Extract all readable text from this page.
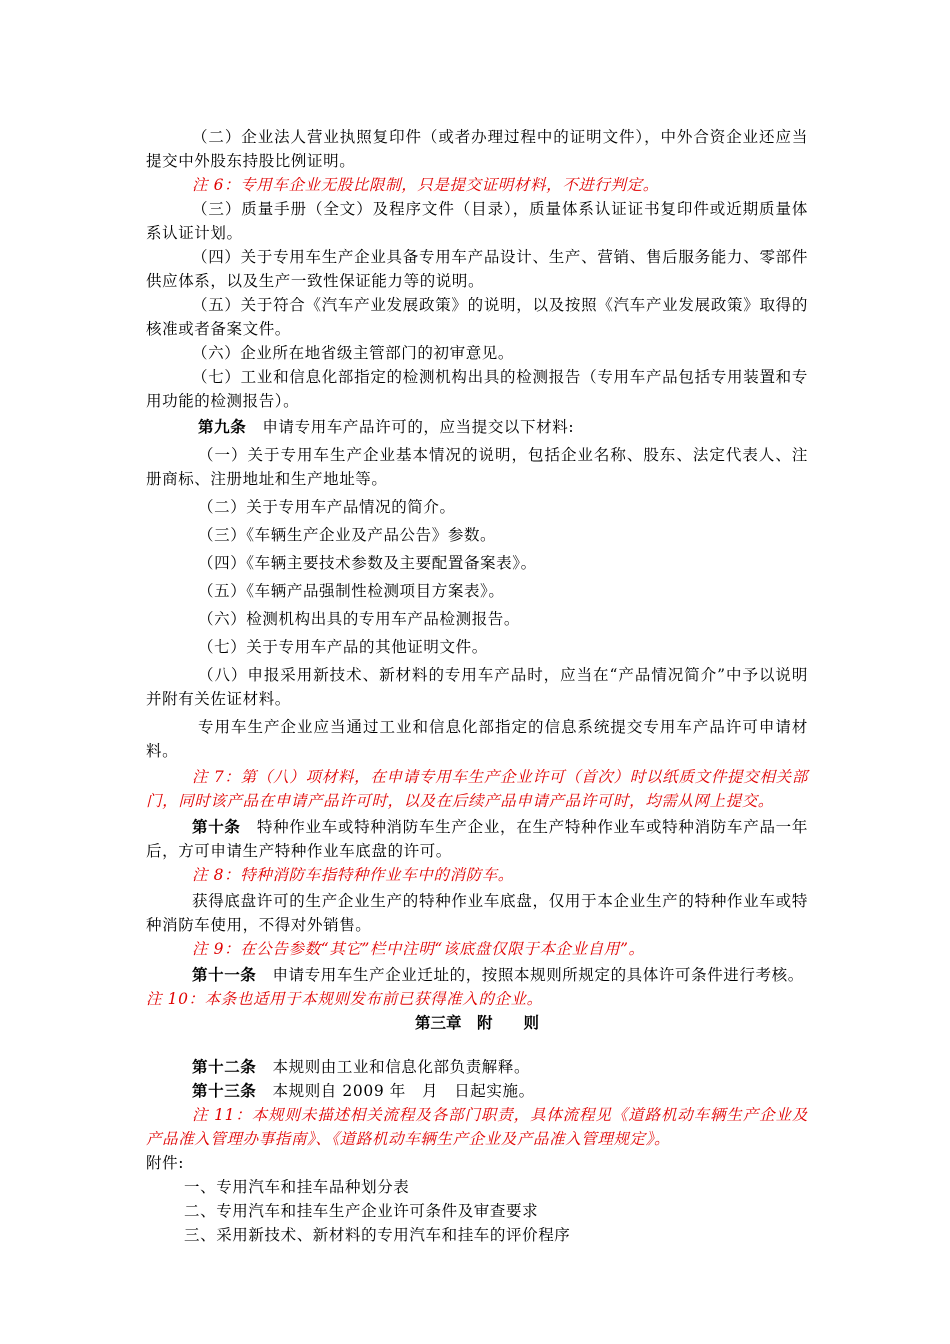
（二）企业法人营业执照复印件（或者办理过程中的证明文件），中外合资企业还应当提交中外股东持股比例证明。

注 6：专用车企业无股比限制，只是提交证明材料，不进行判定。

（三）质量手册（全文）及程序文件（目录），质量体系认证证书复印件或近期质量体系认证计划。

（四）关于专用车生产企业具备专用车产品设计、生产、营销、售后服务能力、零部件供应体系，以及生产一致性保证能力等的说明。

（五）关于符合《汽车产业发展政策》的说明，以及按照《汽车产业发展政策》取得的核准或者备案文件。

（六）企业所在地省级主管部门的初审意见。

（七）工业和信息化部指定的检测机构出具的检测报告（专用车产品包括专用装置和专用功能的检测报告）。

第九条　申请专用车产品许可的，应当提交以下材料:

（一）关于专用车生产企业基本情况的说明，包括企业名称、股东、法定代表人、注册商标、注册地址和生产地址等。

（二）关于专用车产品情况的简介。

（三）《车辆生产企业及产品公告》参数。

（四）《车辆主要技术参数及主要配置备案表》。

（五）《车辆产品强制性检测项目方案表》。

（六）检测机构出具的专用车产品检测报告。

（七）关于专用车产品的其他证明文件。

（八）申报采用新技术、新材料的专用车产品时，应当在“产品情况简介”中予以说明并附有关佐证材料。

专用车生产企业应当通过工业和信息化部指定的信息系统提交专用车产品许可申请材料。

注 7：第（八）项材料，在申请专用车生产企业许可（首次）时以纸质文件提交相关部门，同时该产品在申请产品许可时，以及在后续产品申请产品许可时，均需从网上提交。

第十条　特种作业车或特种消防车生产企业，在生产特种作业车或特种消防车产品一年后，方可申请生产特种作业车底盘的许可。

注 8：特种消防车指特种作业车中的消防车。

获得底盘许可的生产企业生产的特种作业车底盘，仅用于本企业生产的特种作业车或特种消防车使用，不得对外销售。

注 9：在公告参数“其它”栏中注明“该底盘仅限于本企业自用”。

第十一条　申请专用车生产企业迁址的，按照本规则所规定的具体许可条件进行考核。

注 10：本条也适用于本规则发布前已获得准入的企业。

第三章　附　　则

第十二条　本规则由工业和信息化部负责解释。

第十三条　本规则自 2009 年　月　日起实施。

注 11：本规则未描述相关流程及各部门职责，具体流程见《道路机动车辆生产企业及产品准入管理办事指南》、《道路机动车辆生产企业及产品准入管理规定》。

附件:

一、专用汽车和挂车品种划分表

二、专用汽车和挂车生产企业许可条件及审查要求

三、采用新技术、新材料的专用汽车和挂车的评价程序
